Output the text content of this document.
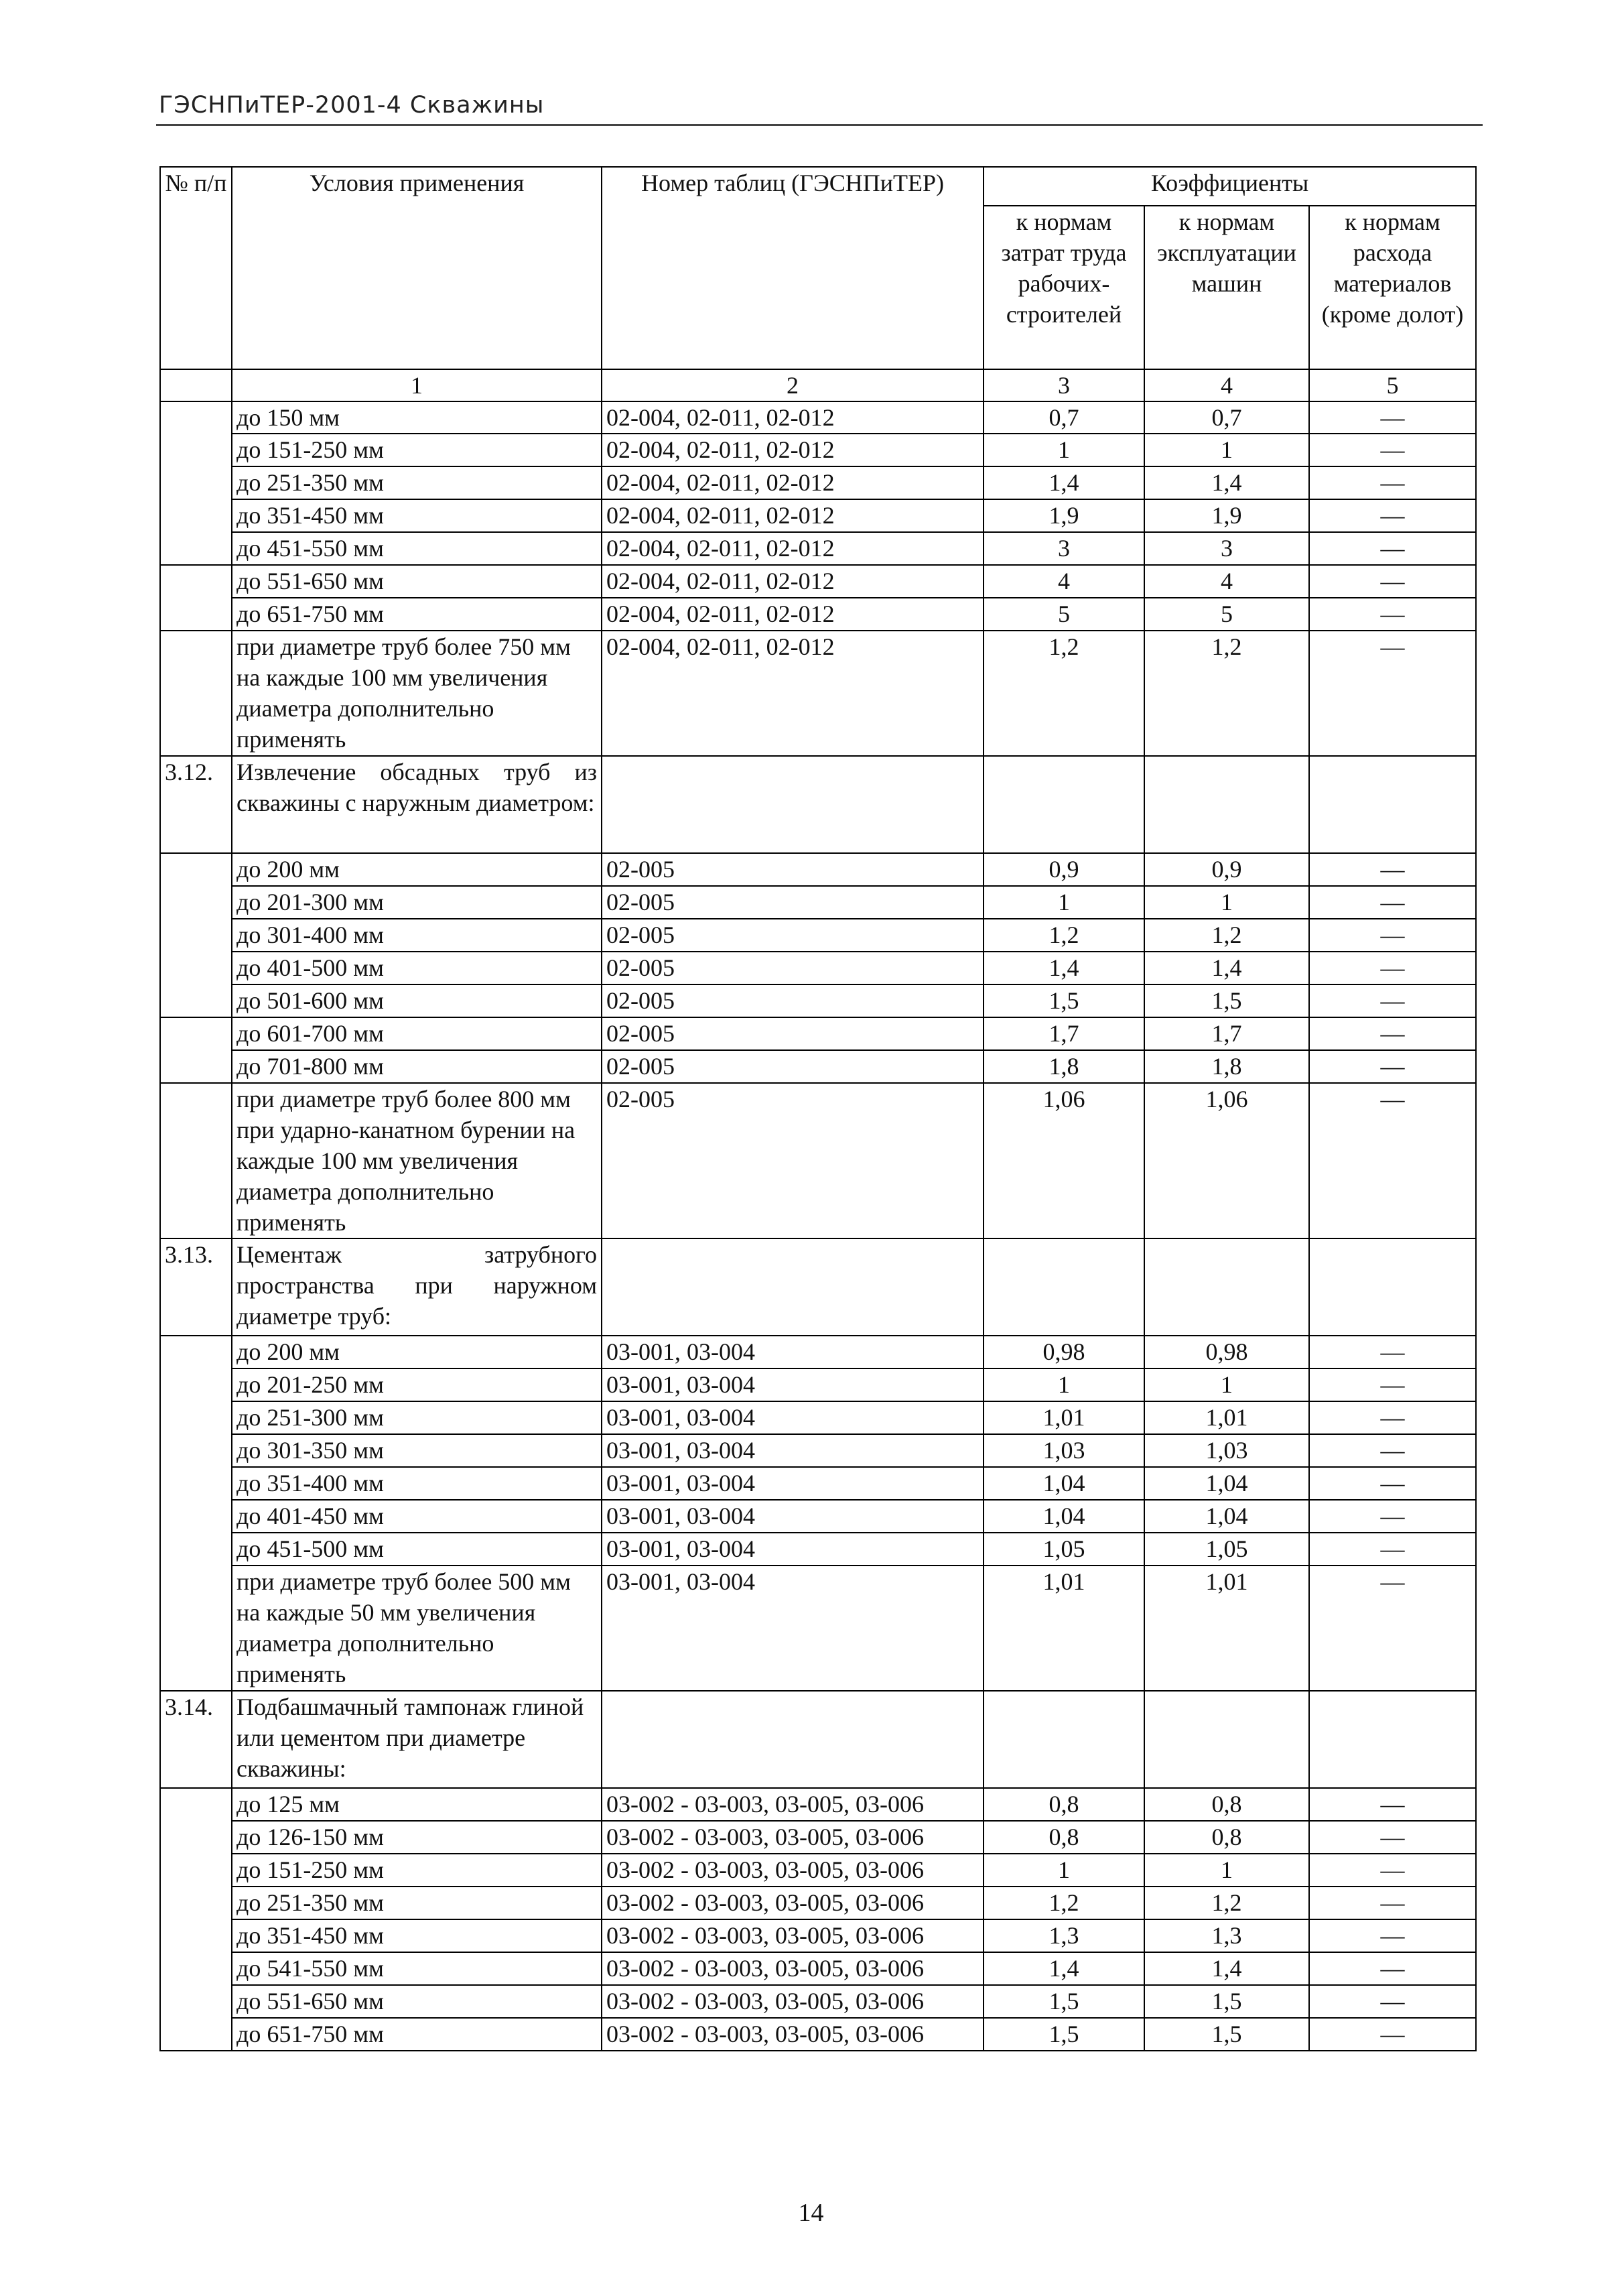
ГЭСНПиТЕР-2001-4 Скважины
№ п/п	Условия применения	Номер таблиц (ГЭСНПиТЕР)	Коэффициенты		
			к нормам затрат труда рабочих-строителей	к нормам эксплуатации машин	к нормам расхода материалов (кроме долот)
	1	2	3	4	5
	до 150 мм	02-004, 02-011, 02-012	0,7	0,7	—
	до 151-250 мм	02-004, 02-011, 02-012	1	1	—
	до 251-350 мм	02-004, 02-011, 02-012	1,4	1,4	—
	до 351-450 мм	02-004, 02-011, 02-012	1,9	1,9	—
	до 451-550 мм	02-004, 02-011, 02-012	3	3	—
	до 551-650 мм	02-004, 02-011, 02-012	4	4	—
	до 651-750 мм	02-004, 02-011, 02-012	5	5	—
	при диаметре труб более 750 мм на каждые 100 мм увеличения диаметра дополнительно применять	02-004, 02-011, 02-012	1,2	1,2	—
3.12.	Извлечение обсадных труб из скважины с наружным диаметром:				
	до 200 мм	02-005	0,9	0,9	—
	до 201-300 мм	02-005	1	1	—
	до 301-400 мм	02-005	1,2	1,2	—
	до 401-500 мм	02-005	1,4	1,4	—
	до 501-600 мм	02-005	1,5	1,5	—
	до 601-700 мм	02-005	1,7	1,7	—
	до 701-800 мм	02-005	1,8	1,8	—
	при диаметре труб более 800 мм при ударно-канатном бурении на каждые 100 мм увеличения диаметра дополнительно применять	02-005	1,06	1,06	—
3.13.	Цементаж затрубного пространства при наружном диаметре труб:				
	до 200 мм	03-001, 03-004	0,98	0,98	—
	до 201-250 мм	03-001, 03-004	1	1	—
	до 251-300 мм	03-001, 03-004	1,01	1,01	—
	до 301-350 мм	03-001, 03-004	1,03	1,03	—
	до 351-400 мм	03-001, 03-004	1,04	1,04	—
	до 401-450 мм	03-001, 03-004	1,04	1,04	—
	до 451-500 мм	03-001, 03-004	1,05	1,05	—
	при диаметре труб более 500 мм на каждые 50 мм увеличения диаметра дополнительно применять	03-001, 03-004	1,01	1,01	—
3.14.	Подбашмачный тампонаж глиной или цементом при диаметре скважины:				
	до 125 мм	03-002 - 03-003, 03-005, 03-006	0,8	0,8	—
	до 126-150 мм	03-002 - 03-003, 03-005, 03-006	0,8	0,8	—
	до 151-250 мм	03-002 - 03-003, 03-005, 03-006	1	1	—
	до 251-350 мм	03-002 - 03-003, 03-005, 03-006	1,2	1,2	—
	до 351-450 мм	03-002 - 03-003, 03-005, 03-006	1,3	1,3	—
	до 541-550 мм	03-002 - 03-003, 03-005, 03-006	1,4	1,4	—
	до 551-650 мм	03-002 - 03-003, 03-005, 03-006	1,5	1,5	—
	до 651-750 мм	03-002 - 03-003, 03-005, 03-006	1,5	1,5	—
14
